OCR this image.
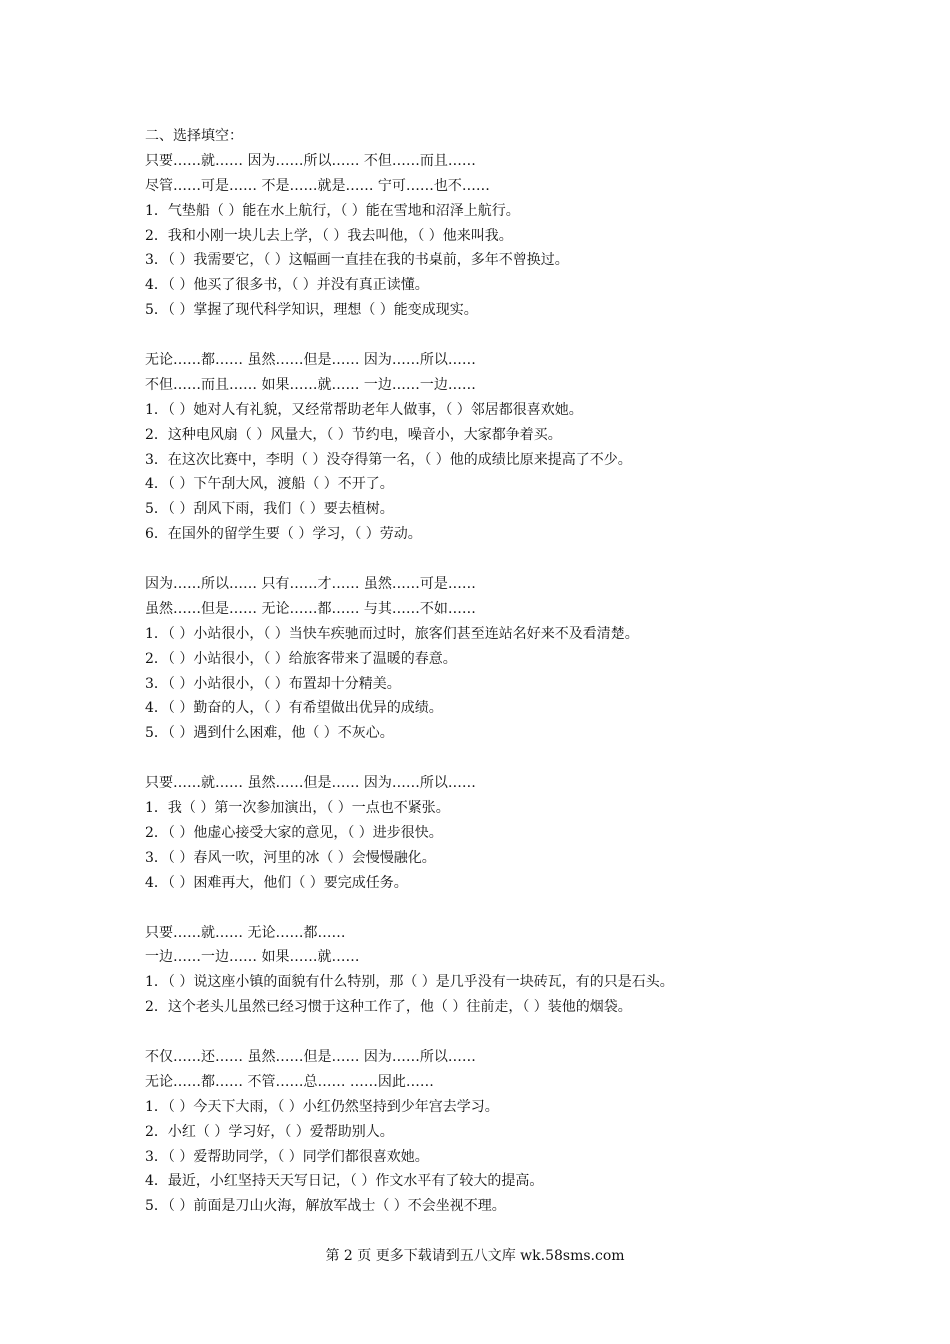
二、选择填空：
只要……就…… 因为……所以…… 不但……而且……
尽管……可是…… 不是……就是…… 宁可……也不……
1．气垫船（ ）能在水上航行，（ ）能在雪地和沼泽上航行。
2．我和小刚一块儿去上学，（ ）我去叫他，（ ）他来叫我。
3．（ ）我需要它，（ ）这幅画一直挂在我的书桌前，多年不曾换过。
4．（ ）他买了很多书，（ ）并没有真正读懂。
5．（ ）掌握了现代科学知识，理想（ ）能变成现实。
无论……都…… 虽然……但是…… 因为……所以……
不但……而且…… 如果……就…… 一边……一边……
1．（ ）她对人有礼貌，又经常帮助老年人做事，（ ）邻居都很喜欢她。
2．这种电风扇（ ）风量大，（ ）节约电，噪音小，大家都争着买。
3．在这次比赛中，李明（ ）没夺得第一名，（ ）他的成绩比原来提高了不少。
4．（ ）下午刮大风，渡船（ ）不开了。
5．（ ）刮风下雨，我们（ ）要去植树。
6．在国外的留学生要（ ）学习，（ ）劳动。
因为……所以…… 只有……才…… 虽然……可是……
虽然……但是…… 无论……都…… 与其……不如……
1．（ ）小站很小，（ ）当快车疾驰而过时，旅客们甚至连站名好来不及看清楚。
2．（ ）小站很小，（ ）给旅客带来了温暖的春意。
3．（ ）小站很小，（ ）布置却十分精美。
4．（ ）勤奋的人，（ ）有希望做出优异的成绩。
5．（ ）遇到什么困难，他（ ）不灰心。
只要……就…… 虽然……但是…… 因为……所以……
1．我（ ）第一次参加演出，（ ）一点也不紧张。
2．（ ）他虚心接受大家的意见，（ ）进步很快。
3．（ ）春风一吹，河里的冰（ ）会慢慢融化。
4．（ ）困难再大，他们（ ）要完成任务。
只要……就…… 无论……都……
一边……一边…… 如果……就……
1．（ ）说这座小镇的面貌有什么特别，那（ ）是几乎没有一块砖瓦，有的只是石头。
2．这个老头儿虽然已经习惯于这种工作了，他（ ）往前走，（ ）装他的烟袋。
不仅……还…… 虽然……但是…… 因为……所以……
无论……都…… 不管……总…… ……因此……
1．（ ）今天下大雨，（ ）小红仍然坚持到少年宫去学习。
2．小红（ ）学习好，（ ）爱帮助别人。
3．（ ）爱帮助同学，（ ）同学们都很喜欢她。
4．最近，小红坚持天天写日记，（ ）作文水平有了较大的提高。
5．（ ）前面是刀山火海，解放军战士（ ）不会坐视不理。
第 2 页 更多下载请到五八文库 wk.58sms.com
